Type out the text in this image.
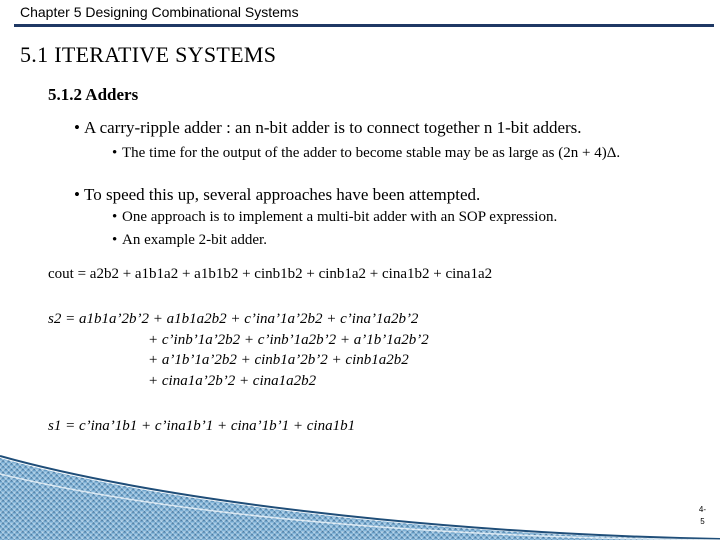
Chapter 5 Designing Combinational Systems
5.1 ITERATIVE SYSTEMS
5.1.2 Adders
• A carry-ripple adder : an n-bit adder is to connect together n 1-bit adders.
• The time for the output of the adder to become stable may be as large as (2n + 4)Δ.
• To speed this up, several approaches have been attempted.
• One approach is to implement a multi-bit adder with an SOP expression.
• An example 2-bit adder.
cout = a2b2 + a1b1a2 + a1b1b2 + cinb1b2 + cinb1a2 + cina1b2 + cina1a2
s2 = a1b1a’2b’2 + a1b1a2b2 + c’ina’1a’2b2 + c’ina’1a2b’2
+ c’inb’1a’2b2 + c’inb’1a2b’2 + a’1b’1a2b’2
+ a’1b’1a’2b2 + cinb1a’2b’2 + cinb1a2b2
+ cina1a’2b’2 + cina1a2b2
s1 = c’ina’1b1 + c’ina1b’1 + cina’1b’1 + cina1b1
4-
5
